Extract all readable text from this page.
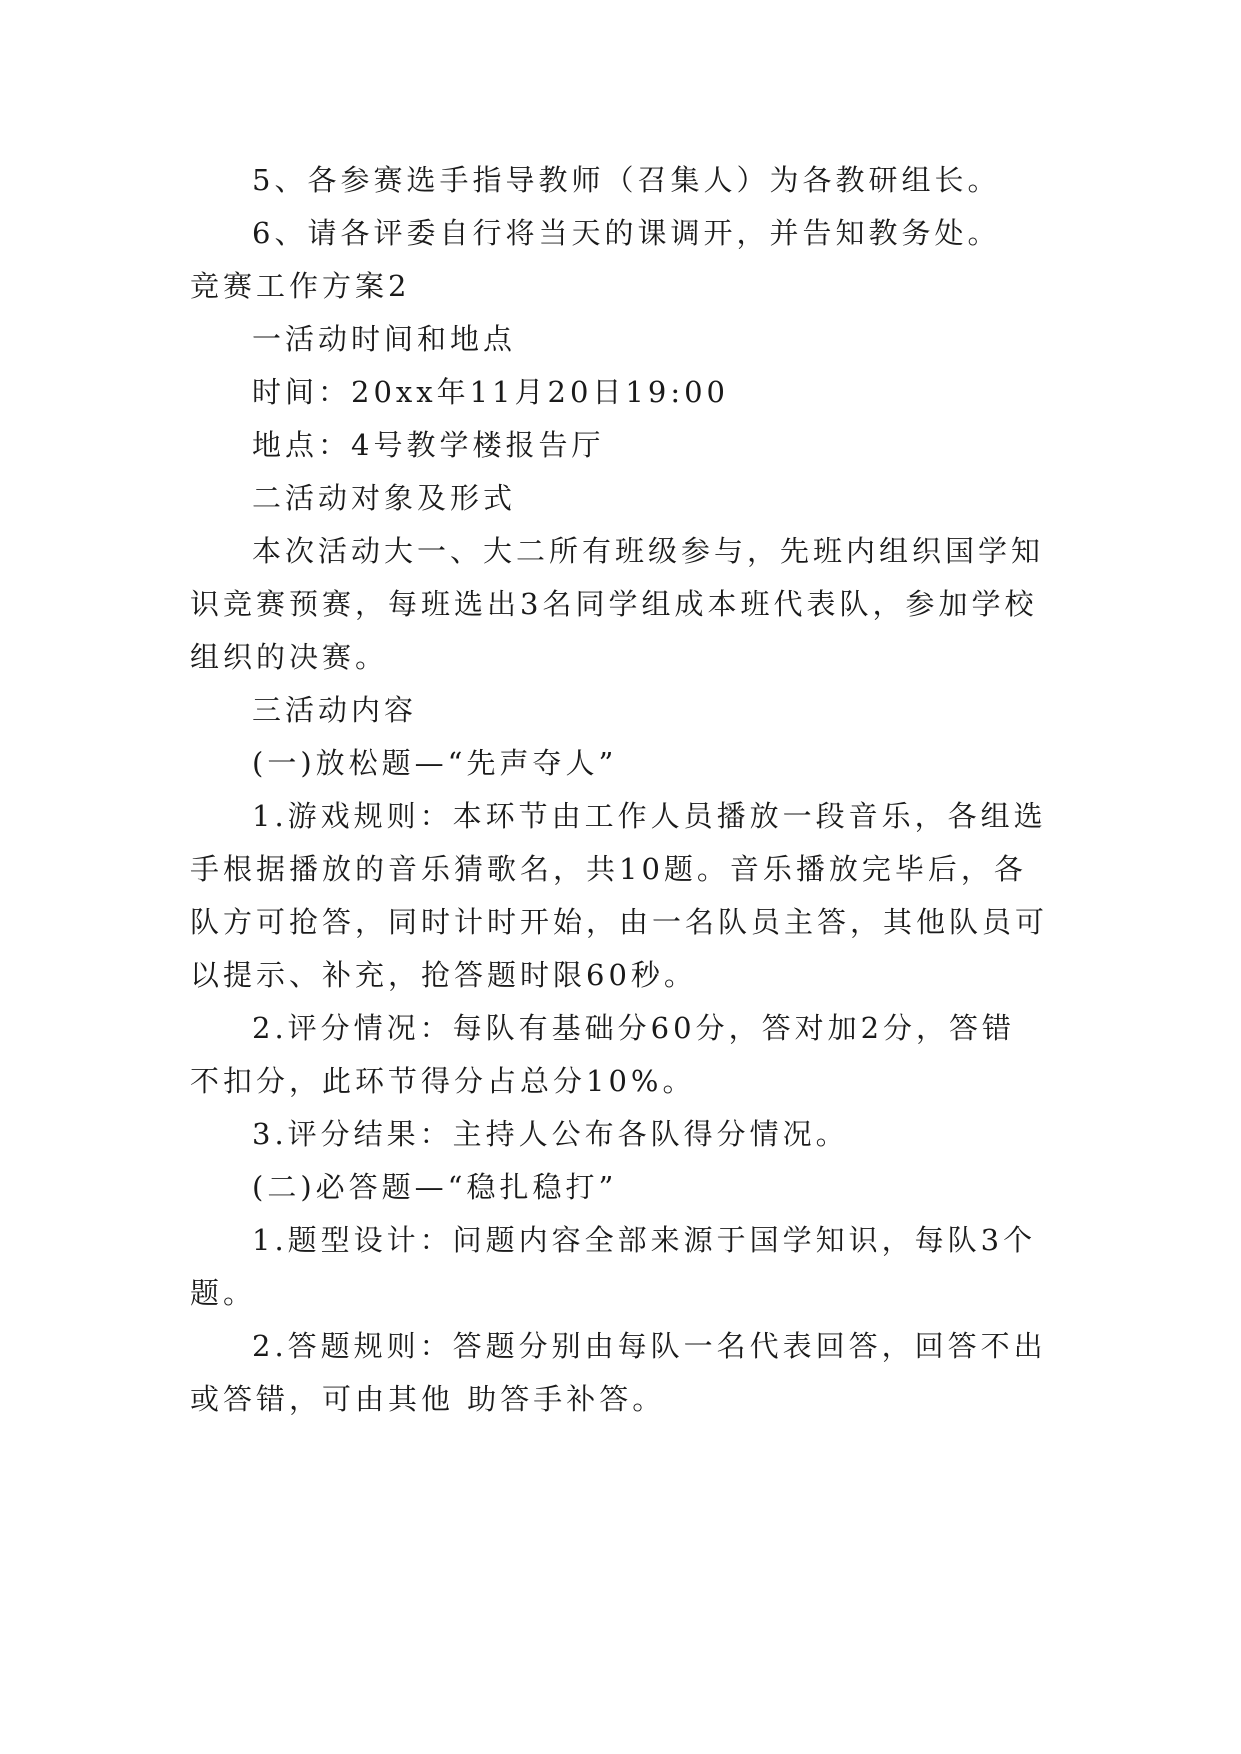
5、各参赛选手指导教师（召集人）为各教研组长。
6、请各评委自行将当天的课调开，并告知教务处。
竞赛工作方案2
一活动时间和地点
时间：20xx年11月20日19:00
地点：4号教学楼报告厅
二活动对象及形式
本次活动大一、大二所有班级参与，先班内组织国学知
识竞赛预赛，每班选出3名同学组成本班代表队，参加学校
组织的决赛。
三活动内容
(一)放松题—“先声夺人”
1.游戏规则：本环节由工作人员播放一段音乐，各组选
手根据播放的音乐猜歌名，共10题。音乐播放完毕后，各
队方可抢答，同时计时开始，由一名队员主答，其他队员可
以提示、补充，抢答题时限60秒。
2.评分情况：每队有基础分60分，答对加2分，答错
不扣分，此环节得分占总分10%。
3.评分结果：主持人公布各队得分情况。
(二)必答题—“稳扎稳打”
1.题型设计：问题内容全部来源于国学知识，每队3个
题。
2.答题规则：答题分别由每队一名代表回答，回答不出
或答错，可由其他 助答手补答。
